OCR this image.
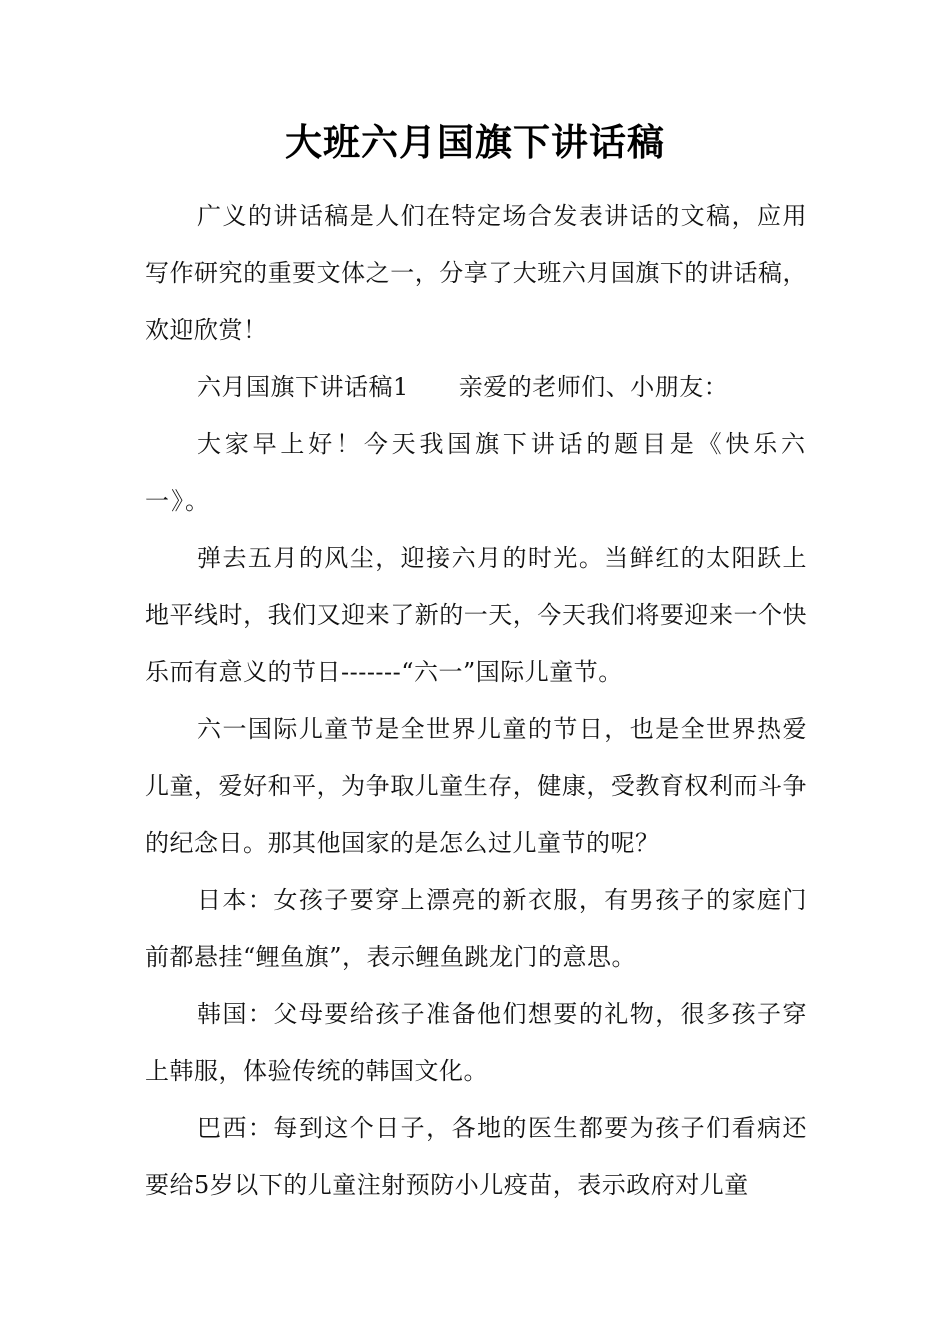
大班六月国旗下讲话稿

广义的讲话稿是人们在特定场合发表讲话的文稿，应用写作研究的重要文体之一，分享了大班六月国旗下的讲话稿，欢迎欣赏！

六月国旗下讲话稿1 亲爱的老师们、小朋友：

大家早上好！今天我国旗下讲话的题目是《快乐六一》。

弹去五月的风尘，迎接六月的时光。当鲜红的太阳跃上地平线时，我们又迎来了新的一天，今天我们将要迎来一个快乐而有意义的节日-------“六一”国际儿童节。

六一国际儿童节是全世界儿童的节日，也是全世界热爱儿童，爱好和平，为争取儿童生存，健康，受教育权利而斗争的纪念日。那其他国家的是怎么过儿童节的呢？

日本：女孩子要穿上漂亮的新衣服，有男孩子的家庭门前都悬挂“鲤鱼旗”，表示鲤鱼跳龙门的意思。

韩国：父母要给孩子准备他们想要的礼物，很多孩子穿上韩服，体验传统的韩国文化。

巴西：每到这个日子，各地的医生都要为孩子们看病还要给5岁以下的儿童注射预防小儿疫苗，表示政府对儿童
